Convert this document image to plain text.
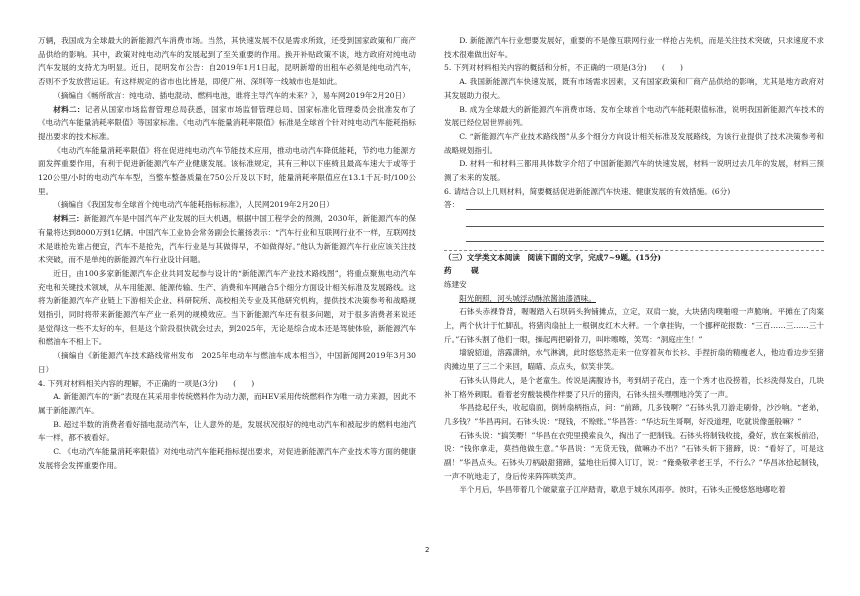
万辆，我国成为全球最大的新能源汽车消费市场。当然，其快速发展不仅是需求所致，还受到国家政策和厂商产品供给的影响。其中，政策对纯电动汽车的发展起到了至关重要的作用。换开补贴政策不谈，地方政府对纯电动汽车发展的支持尤为明显。近日，昆明发布公告：自2019年1月1日起，昆明新增的出租车必须是纯电动汽车，否则不予发放营运证。有这样规定的省市也比皆是，即使广州、深圳等一线城市也是如此。

（摘编自《畅所欲言：纯电动、插电混动、燃料电池，谁将主导汽车的未来？》，易车网2019年2月20日）

材料二：记者从国家市场监督管理总局获悉，国家市场监督管理总局、国家标准化管理委员会批准发布了《电动汽车能量消耗率限值》等国家标准。《电动汽车能量消耗率限值》标准是全球首个针对纯电动汽车能耗指标提出要求的技术标准。

《电动汽车能量消耗率限值》将在促进纯电动汽车节能技术应用，推动电动汽车降低能耗，节约电力能源方面发挥重要作用，有利于促进新能源汽车产业健康发展。该标准规定，其有三种以下座椅且最高车速大于或等于120公里/小时的电动汽车车型，当整车整备质量在750公斤及以下时，能量消耗率限值应在13.1千瓦·时/100公里。

（摘编自《我国发布全球首个纯电动汽车能耗指标标准》，人民网2019年2月20日）

材料三：新能源汽车是中国汽车产业发展的巨大机遇，根据中国工程学会的预测，2030年，新能源汽车的保有量将达到8000万到1亿辆。中国汽车工业协会常务副会长董扬表示：“汽车行业和互联网行业不一样，互联网技术是谁抢先谁占便宜，汽车不是抢先，汽车行业是与其做得早，不如做得好。”他认为新能源汽车行业应该关注技术突破，而不是单纯的新能源汽车行业设计问题。

近日，由100多家新能源汽车企业共同发起参与设计的“新能源汽车产业技术路线图”，将重点聚焦电动汽车充电和关键技术领域，从车用能源、能源传输、生产、消费和车网融合5个细分方面设计相关标准及发展路线。这将为新能源汽车产业链上下游相关企业、科研院所、高校相关专业及其他研究机构，提供技术决策参考和战略规划指引，同时将带来新能源汽车产业一系列的规模效应。当下新能源汽车还有很多问题，对于很多消费者来说还是觉得这一些不太好的车，但是这个阶段很快就会过去，到2025年，无论是综合成本还是驾驶体验，新能源汽车和燃油车不相上下。

（摘编自《新能源汽车技术路线常州发布　2025年电动车与燃油车成本相当》，中国新闻网2019年3月30日）

4. 下列对材料相关内容的理解，不正确的一项是(3分)　　(　　)

A. 新能源汽车的“新”表现在其采用非传统燃料作为动力源，而HEV采用传统燃料作为唯一动力来源，因此不属于新能源汽车。

B. 超过半数的消费者看好插电混动汽车，让人意外的是，发展状况很好的纯电动汽车和被起步的燃料电池汽车一样，都不被看好。

C. 《电动汽车能量消耗率限值》对纯电动汽车能耗指标提出要求，对促进新能源汽车产业技术等方面的健康发展将会发挥重要作用。

D. 新能源汽车行业想要发展好，重要的不是像互联网行业一样抢占先机，而是关注技术突破，只求速度不求技术很难做出好车。

5. 下列对材料相关内容的概括和分析，不正确的一项是(3分)　　(　　)

A. 我国新能源汽车快速发展，既有市场需求因素，又有国家政策和厂商产品供给的影响，尤其是地方政府对其发展助力很大。

B. 成为全球最大的新能源汽车消费市场、发布全球首个电动汽车能耗限值标准，说明我国新能源汽车技术的发展已经位居世界前列。

C. “新能源汽车产业技术路线图”从多个细分方向设计相关标准及发展路线，为该行业提供了技术决策参考和战略规划指引。

D. 材料一和材料三都用具体数字介绍了中国新能源汽车的快速发展，材料一说明过去几年的发展，材料三预测了未来的发展。

6. 请结合以上几则材料，简要概括促进新能源汽车快速、健康发展的有效措施。(6分)

答：

（三）文学类文本阅读　 阅读下面的文字，完成7~9题。(15分)

药　砚

练建安

阳光朗照，河头城浮动酥浓酱油漆酒味。

石钵头赤裸脊背，喔喔踏入石坝码头狗铺摊点，立定，双肩一旋，大块猪肉噗啪噔一声脆响。平摊在了肉案上，两个伙计于忙脚乱，将猪肉扇扯上一根铜皮红木大秤。一个拿挂钩，一个挪秤砣报数：“三百……三……三十斤。”石钵头割了他们一眼，操起两把刷骨刀，叫咔嚓嚓，笑骂：“洞庭庄生！”

墙貌貂道，溶露潇纳，水气淋漓，此时悠悠然走来一位穿着灰布长衫、手捏折扇的精瘦老人，他边看边步至猪肉摊边里了三二个来回，瞄瞄、点点头，似笑非笑。

石钵头认得此人，是个老童生。传说是满腹诗书，考到胡子花白，连一个秀才也没捞着，长衫洗得发白，几块补丁格外刺眼。看着老穷酸装模作样要了只斤的猪肉，石钵头扭头嘿嘿地冷笑了一声。

华昌捻起仔头，收起扇面，倒转扇柄指点，问：“前蹄，几多钱啊？”石钵头乳刀游走刷骨，沙沙响。“老弟，几多钱？”华昌再问。石钵头说：“现钱，不赊账。”华昌答：“华达玩生哥啊，好没道理，吃就说像蛋般嘛？”

石钵头说：“搞笑嘢！”华昌在衣兜里摸索良久，掏出了一把制钱。石钵头将制钱收拢，叠好，放在案板前沿，说：“钱你拿走，莫挡他做生意。”华昌说：“无货无钱，做嘛办不出？”石钵头斩下猪蹄，说：“看好了，可是这副！”华昌点头。石钵头刀柄敲甜猪蹄，猛地往后掷入订订，说：“俺桑敬孝老王孚，不行么？”华昌冰拾起制钱，一声不吭地走了，身后传来阵阵哄笑声。

半个月后，华昌带着几个破蒙童子江岸踏青，歇息于城东风雨亭。彼时，石钵头正慢悠悠地嘟吃着

2
